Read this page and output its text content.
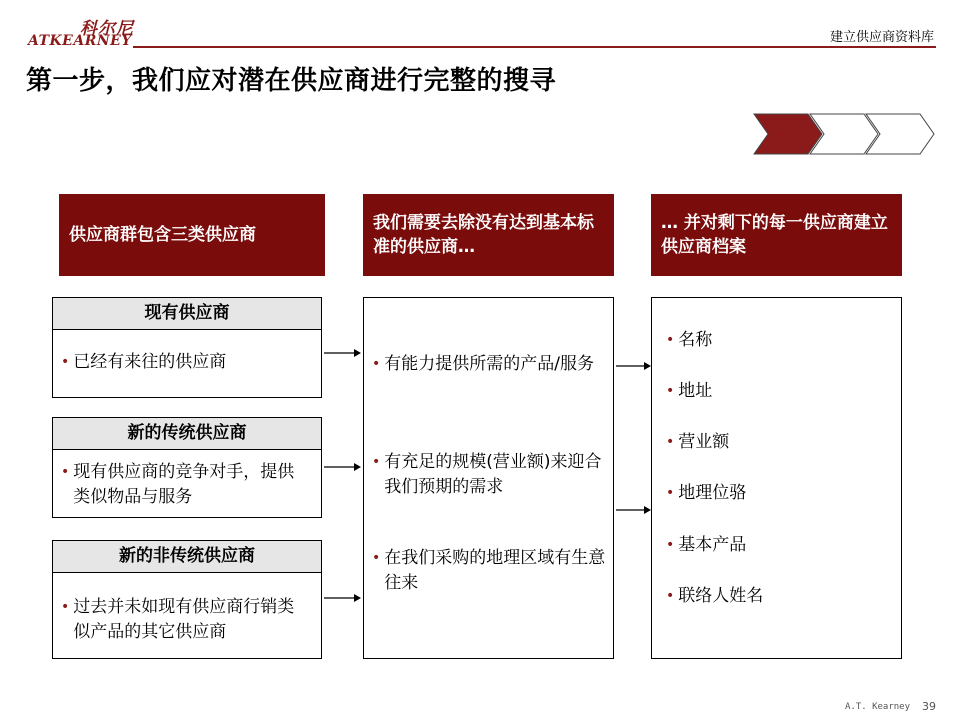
科尔尼
ATKEARNEY	建立供应商资料库
第一步，我们应对潜在供应商进行完整的搜寻
供应商群包含三类供应商
我们需要去除没有达到基本标准的供应商…
… 并对剩下的每一供应商建立供应商档案
现有供应商
• 已经有来往的供应商
新的传统供应商
• 现有供应商的竞争对手，提供类似物品与服务
新的非传统供应商
• 过去并未如现有供应商行销类似产品的其它供应商
• 有能力提供所需的产品/服务
• 有充足的规模(营业额)来迎合我们预期的需求
• 在我们采购的地理区域有生意往来
• 名称
• 地址
• 营业额
• 地理位骆
• 基本产品
• 联络人姓名
A.T. Kearney 39
